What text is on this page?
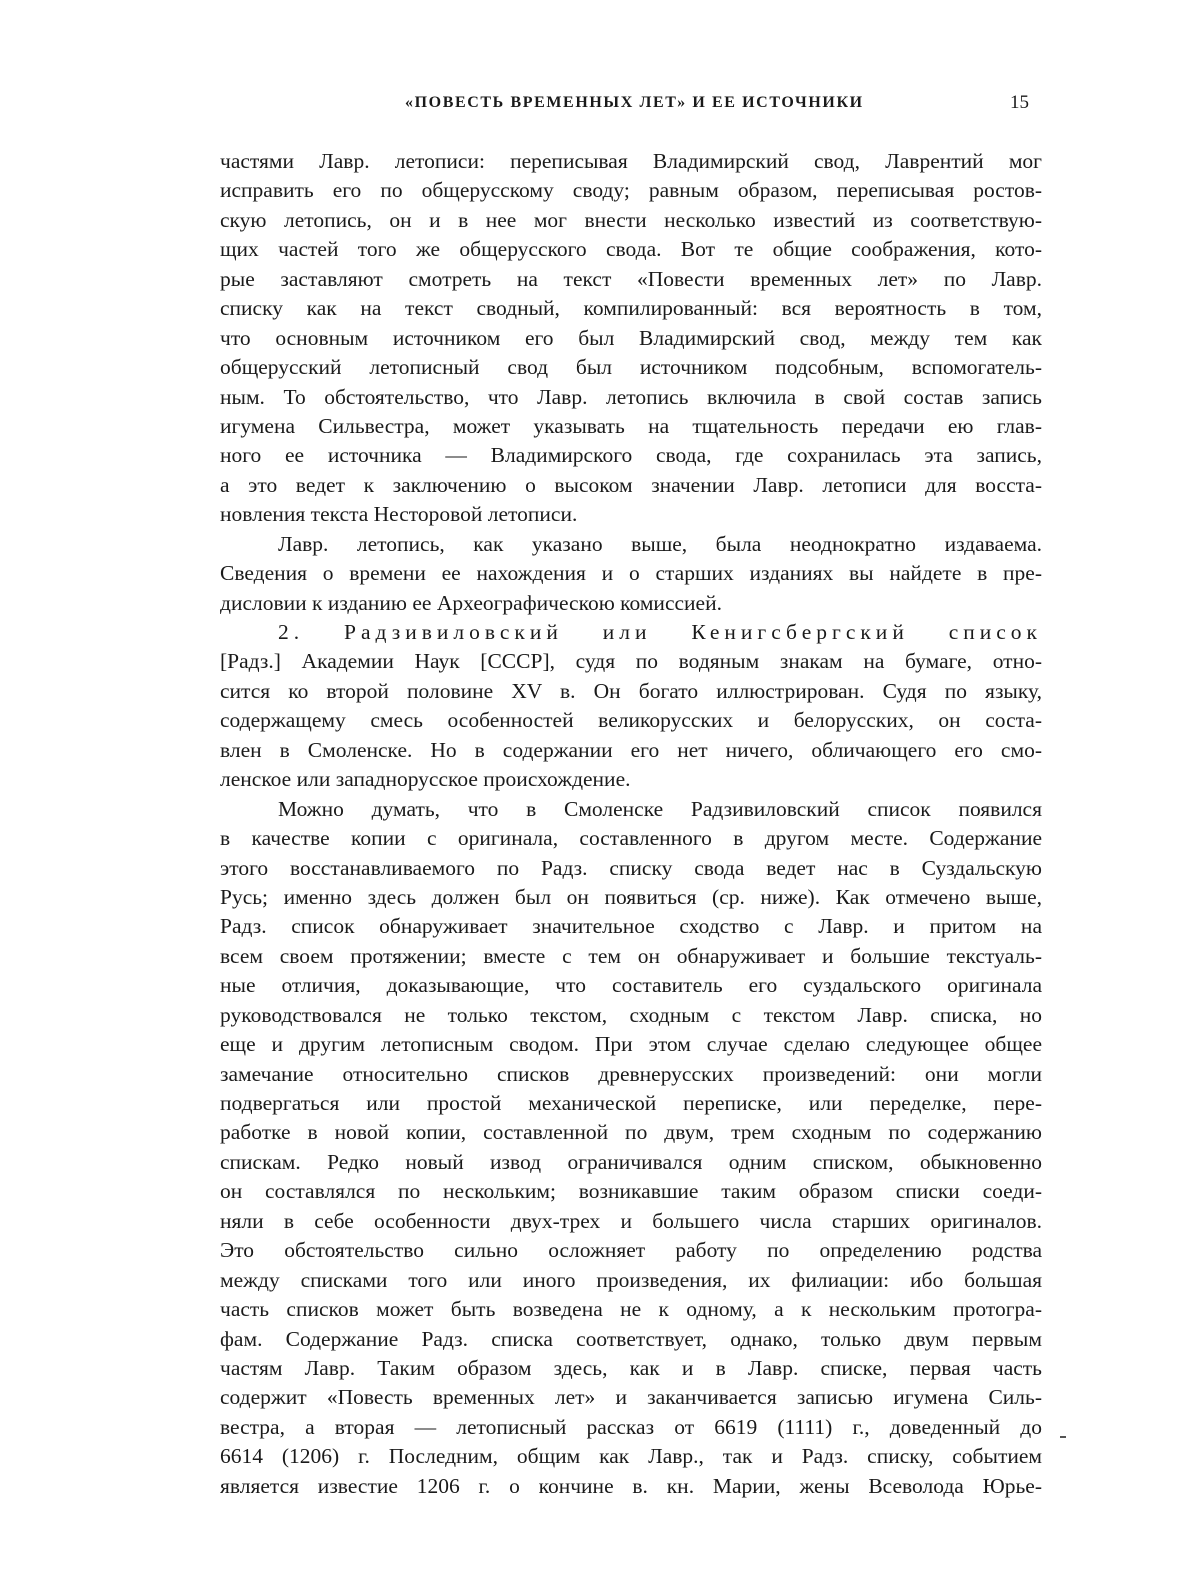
«ПОВЕСТЬ ВРЕМЕННЫХ ЛЕТ» И ЕЕ ИСТОЧНИКИ	15
частями Лавр. летописи: переписывая Владимирский свод, Лаврентий мог
исправить его по общерусскому своду; равным образом, переписывая ростов-
скую летопись, он и в нее мог внести несколько известий из соответствую-
щих частей того же общерусского свода. Вот те общие соображения, кото-
рые заставляют смотреть на текст «Повести временных лет» по Лавр.
списку как на текст сводный, компилированный: вся вероятность в том,
что основным источником его был Владимирский свод, между тем как
общерусский летописный свод был источником подсобным, вспомогатель-
ным. То обстоятельство, что Лавр. летопись включила в свой состав запись
игумена Сильвестра, может указывать на тщательность передачи ею глав-
ного ее источника — Владимирского свода, где сохранилась эта запись,
а это ведет к заключению о высоком значении Лавр. летописи для восста-
новления текста Несторовой летописи.
Лавр. летопись, как указано выше, была неоднократно издаваема.
Сведения о времени ее нахождения и о старших изданиях вы найдете в пре-
дисловии к изданию ее Археографическою комиссией.
2. Радзивиловский или Кенигсбергский список
[Радз.] Академии Наук [СССР], судя по водяным знакам на бумаге, отно-
сится ко второй половине XV в. Он богато иллюстрирован. Судя по языку,
содержащему смесь особенностей великорусских и белорусских, он соста-
влен в Смоленске. Но в содержании его нет ничего, обличающего его смо-
ленское или западнорусское происхождение.
Можно думать, что в Смоленске Радзивиловский список появился
в качестве копии с оригинала, составленного в другом месте. Содержание
этого восстанавливаемого по Радз. списку свода ведет нас в Суздальскую
Русь; именно здесь должен был он появиться (ср. ниже). Как отмечено выше,
Радз. список обнаруживает значительное сходство с Лавр. и притом на
всем своем протяжении; вместе с тем он обнаруживает и большие текстуаль-
ные отличия, доказывающие, что составитель его суздальского оригинала
руководствовался не только текстом, сходным с текстом Лавр. списка, но
еще и другим летописным сводом. При этом случае сделаю следующее общее
замечание относительно списков древнерусских произведений: они могли
подвергаться или простой механической переписке, или переделке, пере-
работке в новой копии, составленной по двум, трем сходным по содержанию
спискам. Редко новый извод ограничивался одним списком, обыкновенно
он составлялся по нескольким; возникавшие таким образом списки соеди-
няли в себе особенности двух-трех и большего числа старших оригиналов.
Это обстоятельство сильно осложняет работу по определению родства
между списками того или иного произведения, их филиации: ибо большая
часть списков может быть возведена не к одному, а к нескольким протогра-
фам. Содержание Радз. списка соответствует, однако, только двум первым
частям Лавр. Таким образом здесь, как и в Лавр. списке, первая часть
содержит «Повесть временных лет» и заканчивается записью игумена Силь-
вестра, а вторая — летописный рассказ от 6619 (1111) г., доведенный до
6614 (1206) г. Последним, общим как Лавр., так и Радз. списку, событием
является известие 1206 г. о кончине в. кн. Марии, жены Всеволода Юрье-
